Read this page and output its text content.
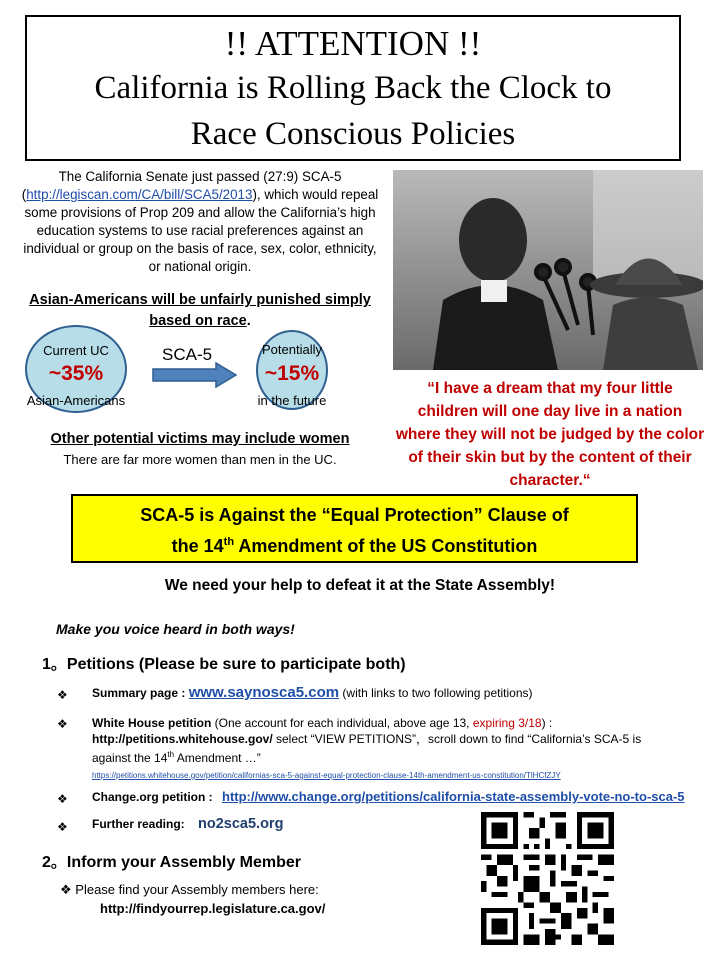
!! ATTENTION !!
California is Rolling Back the Clock to
Race Conscious Policies
The California Senate just passed (27:9) SCA-5 (http://legiscan.com/CA/bill/SCA5/2013), which would repeal some provisions of Prop 209 and allow the California’s high education systems to use racial preferences against an individual or group on the basis of race, sex, color, ethnicity, or national origin.
Asian-Americans will be unfairly punished simply based on race.
Current UC
~35%
Asian-Americans
SCA-5	Potentially
~15%
in the future
Other potential victims may include women
There are far more women than men in the UC.
“I have a dream that my four little children will one day live in a nation where they will not be judged by the color of their skin but by the content of their character.“
SCA-5 is Against the “Equal Protection” Clause of
the 14th Amendment of the US Constitution
We need your help to defeat it at the State Assembly!
Make you voice heard in both ways!
1。Petitions (Please be sure to participate both)
❖ Summary page : www.saynosca5.com (with links to two following petitions)
❖ White House petition (One account for each individual, above age 13, expiring 3/18) :
http://petitions.whitehouse.gov/ select “VIEW PETITIONS”，scroll down to find “California’s SCA-5 is against the 14th Amendment …”
https://petitions.whitehouse.gov/petition/californias-sca-5-against-equal-protection-clause-14th-amendment-us-constitution/TlHCfZJY
❖ Change.org petition : http://www.change.org/petitions/california-state-assembly-vote-no-to-sca-5
❖ Further reading: no2sca5.org
2。Inform your Assembly Member
❖ Please find your Assembly members here:
http://findyourrep.legislature.ca.gov/
